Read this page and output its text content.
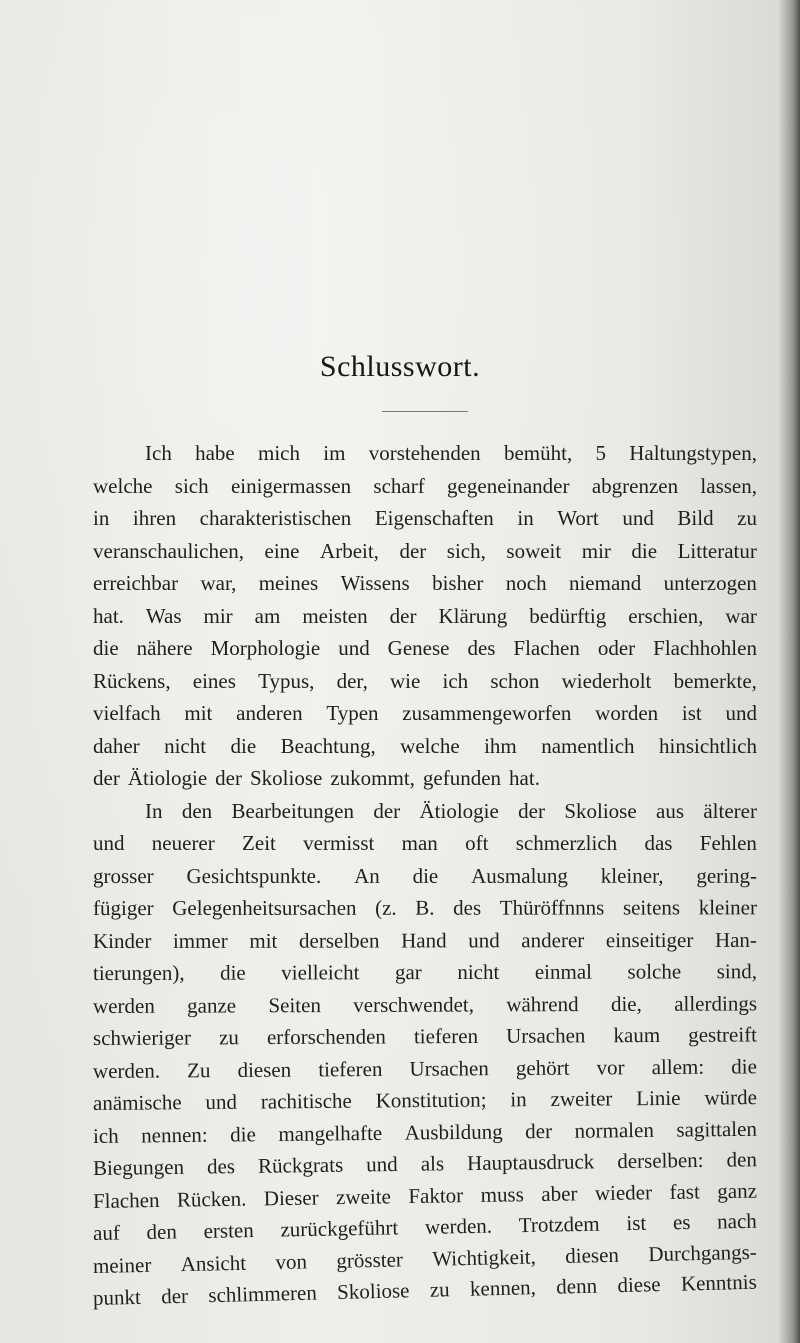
Schlusswort.
Ich habe mich im vorstehenden bemüht, 5 Haltungstypen,
welche sich einigermassen scharf gegeneinander abgrenzen lassen,
in ihren charakteristischen Eigenschaften in Wort und Bild zu
veranschaulichen, eine Arbeit, der sich, soweit mir die Litteratur
erreichbar war, meines Wissens bisher noch niemand unterzogen
hat. Was mir am meisten der Klärung bedürftig erschien, war
die nähere Morphologie und Genese des Flachen oder Flachhohlen
Rückens, eines Typus, der, wie ich schon wiederholt bemerkte,
vielfach mit anderen Typen zusammengeworfen worden ist und
daher nicht die Beachtung, welche ihm namentlich hinsichtlich
der Ätiologie der Skoliose zukommt, gefunden hat.
In den Bearbeitungen der Ätiologie der Skoliose aus älterer
und neuerer Zeit vermisst man oft schmerzlich das Fehlen
grosser Gesichtspunkte. An die Ausmalung kleiner, gering-
fügiger Gelegenheitsursachen (z. B. des Thüröffnnns seitens kleiner
Kinder immer mit derselben Hand und anderer einseitiger Han-
tierungen), die vielleicht gar nicht einmal solche sind,
werden ganze Seiten verschwendet, während die, allerdings
schwieriger zu erforschenden tieferen Ursachen kaum gestreift
werden. Zu diesen tieferen Ursachen gehört vor allem: die
anämische und rachitische Konstitution; in zweiter Linie würde
ich nennen: die mangelhafte Ausbildung der normalen sagittalen
Biegungen des Rückgrats und als Hauptausdruck derselben: den
Flachen Rücken. Dieser zweite Faktor muss aber wieder fast ganz
auf den ersten zurückgeführt werden. Trotzdem ist es nach
meiner Ansicht von grösster Wichtigkeit, diesen Durchgangs-
punkt der schlimmeren Skoliose zu kennen, denn diese Kenntnis
